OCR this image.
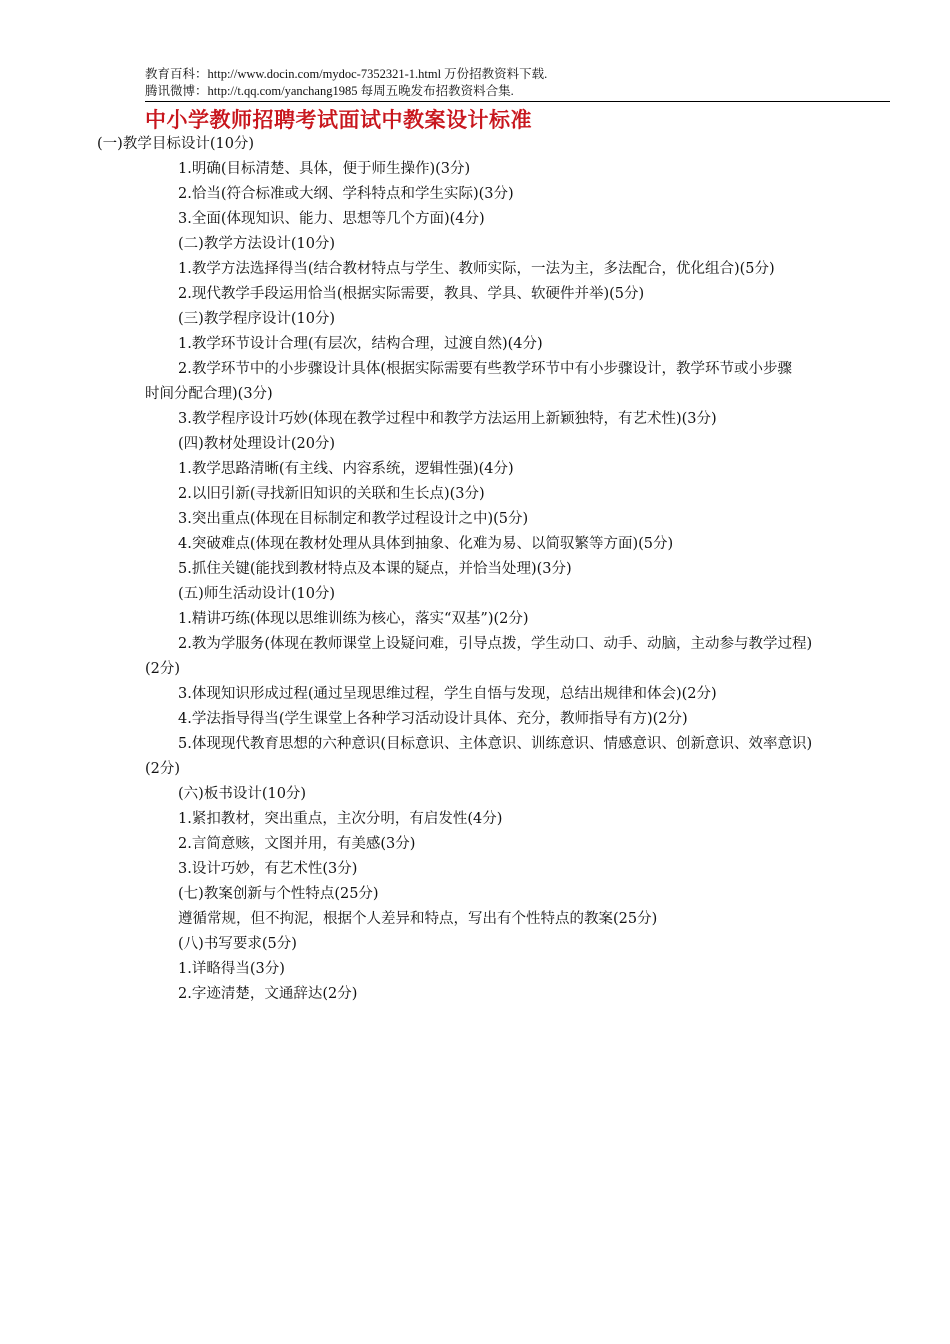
教育百科：http://www.docin.com/mydoc-7352321-1.html 万份招教资料下载.
腾讯微博：http://t.qq.com/yanchang1985 每周五晚发布招教资料合集.
中小学教师招聘考试面试中教案设计标准
(一)教学目标设计(10分)
1.明确(目标清楚、具体，便于师生操作)(3分)
2.恰当(符合标准或大纲、学科特点和学生实际)(3分)
3.全面(体现知识、能力、思想等几个方面)(4分)
(二)教学方法设计(10分)
1.教学方法选择得当(结合教材特点与学生、教师实际，一法为主，多法配合，优化组合)(5分)
2.现代教学手段运用恰当(根据实际需要，教具、学具、软硬件并举)(5分)
(三)教学程序设计(10分)
1.教学环节设计合理(有层次，结构合理，过渡自然)(4分)
2.教学环节中的小步骤设计具体(根据实际需要有些教学环节中有小步骤设计，教学环节或小步骤
时间分配合理)(3分)
3.教学程序设计巧妙(体现在教学过程中和教学方法运用上新颖独特，有艺术性)(3分)
(四)教材处理设计(20分)
1.教学思路清晰(有主线、内容系统，逻辑性强)(4分)
2.以旧引新(寻找新旧知识的关联和生长点)(3分)
3.突出重点(体现在目标制定和教学过程设计之中)(5分)
4.突破难点(体现在教材处理从具体到抽象、化难为易、以简驭繁等方面)(5分)
5.抓住关键(能找到教材特点及本课的疑点，并恰当处理)(3分)
(五)师生活动设计(10分)
1.精讲巧练(体现以思维训练为核心，落实“双基”)(2分)
2.教为学服务(体现在教师课堂上设疑问难，引导点拨，学生动口、动手、动脑，主动参与教学过程)
(2分)
3.体现知识形成过程(通过呈现思维过程，学生自悟与发现，总结出规律和体会)(2分)
4.学法指导得当(学生课堂上各种学习活动设计具体、充分，教师指导有方)(2分)
5.体现现代教育思想的六种意识(目标意识、主体意识、训练意识、情感意识、创新意识、效率意识)
(2分)
(六)板书设计(10分)
1.紧扣教材，突出重点，主次分明，有启发性(4分)
2.言简意赅，文图并用，有美感(3分)
3.设计巧妙，有艺术性(3分)
(七)教案创新与个性特点(25分)
遵循常规，但不拘泥，根据个人差异和特点，写出有个性特点的教案(25分)
(八)书写要求(5分)
1.详略得当(3分)
2.字迹清楚，文通辞达(2分)
